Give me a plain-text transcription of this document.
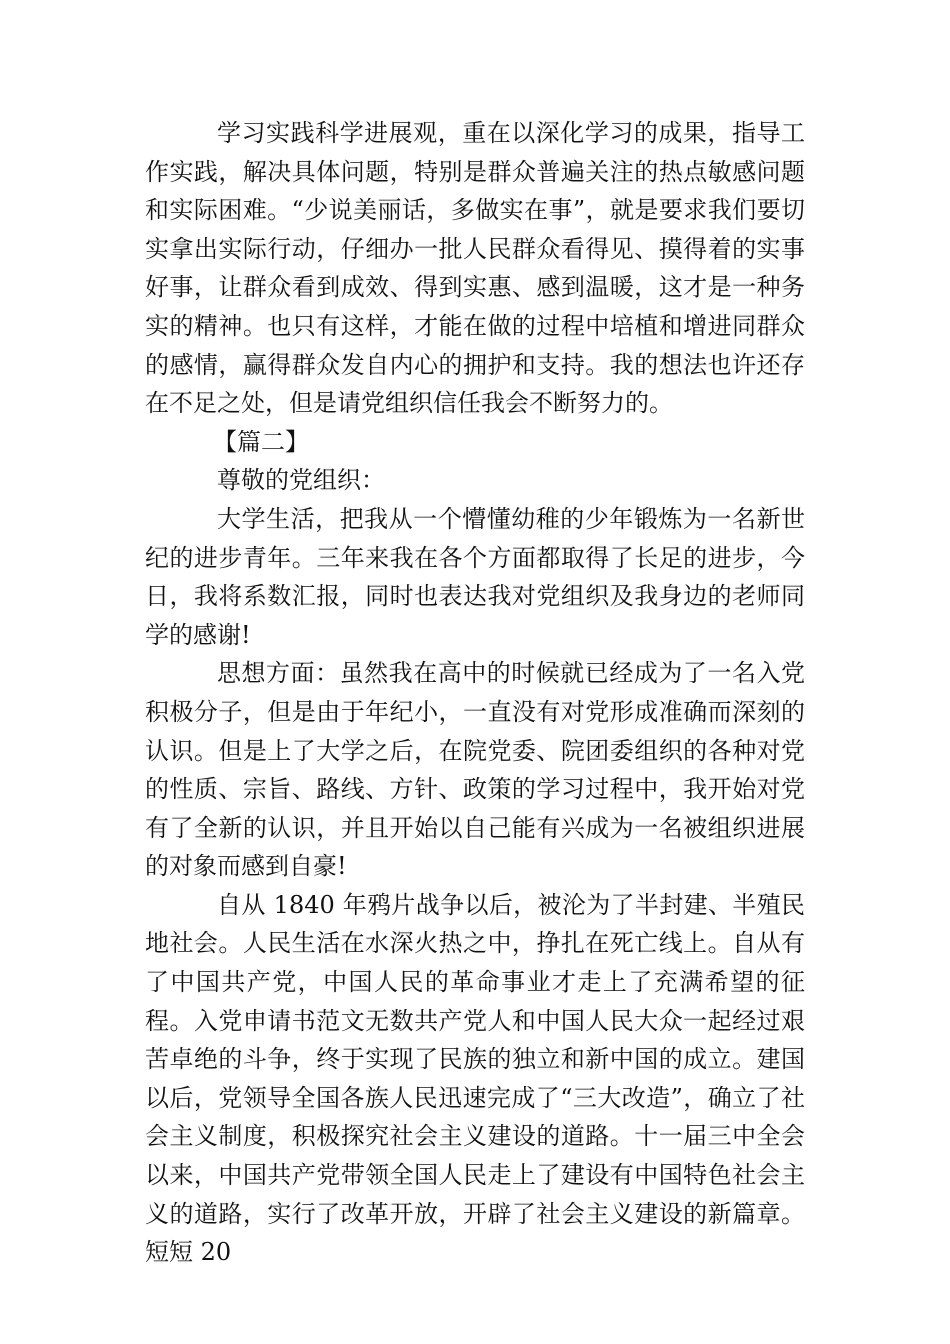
学习实践科学进展观，重在以深化学习的成果，指导工作实践，解决具体问题，特别是群众普遍关注的热点敏感问题和实际困难。“少说美丽话，多做实在事”，就是要求我们要切实拿出实际行动，仔细办一批人民群众看得见、摸得着的实事好事，让群众看到成效、得到实惠、感到温暖，这才是一种务实的精神。也只有这样，才能在做的过程中培植和增进同群众的感情，赢得群众发自内心的拥护和支持。我的想法也许还存在不足之处，但是请党组织信任我会不断努力的。

【篇二】

尊敬的党组织：

大学生活，把我从一个懵懂幼稚的少年锻炼为一名新世纪的进步青年。三年来我在各个方面都取得了长足的进步，今日，我将系数汇报，同时也表达我对党组织及我身边的老师同学的感谢!

思想方面：虽然我在高中的时候就已经成为了一名入党积极分子，但是由于年纪小，一直没有对党形成准确而深刻的认识。但是上了大学之后，在院党委、院团委组织的各种对党的性质、宗旨、路线、方针、政策的学习过程中，我开始对党有了全新的认识，并且开始以自己能有兴成为一名被组织进展的对象而感到自豪!

自从 1840 年鸦片战争以后，被沦为了半封建、半殖民地社会。人民生活在水深火热之中，挣扎在死亡线上。自从有了中国共产党，中国人民的革命事业才走上了充满希望的征程。入党申请书范文无数共产党人和中国人民大众一起经过艰苦卓绝的斗争，终于实现了民族的独立和新中国的成立。建国以后，党领导全国各族人民迅速完成了“三大改造”，确立了社会主义制度，积极探究社会主义建设的道路。十一届三中全会以来，中国共产党带领全国人民走上了建设有中国特色社会主义的道路，实行了改革开放，开辟了社会主义建设的新篇章。短短 20
